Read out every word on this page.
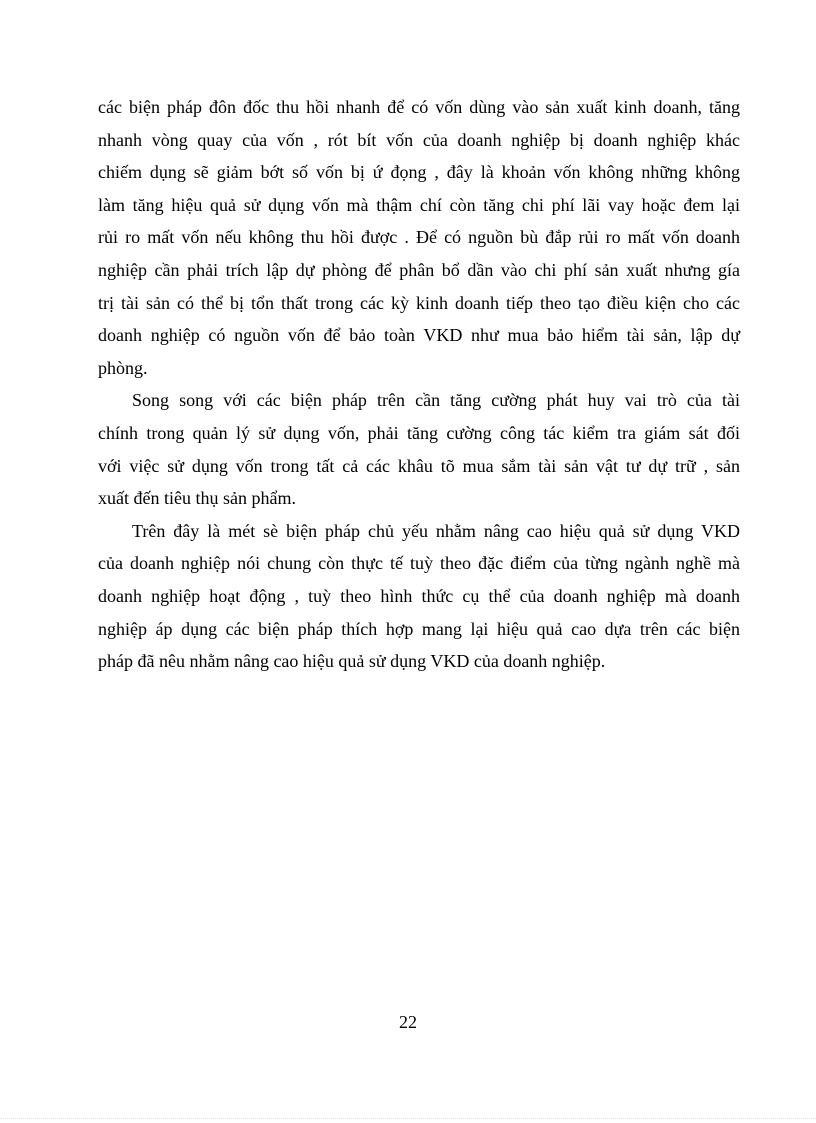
các biện pháp đôn đốc thu hồi nhanh để có vốn dùng vào sản xuất kinh doanh, tăng
nhanh vòng quay của vốn , rót bít vốn của doanh nghiệp bị doanh nghiệp khác
chiếm dụng sẽ giảm bớt số vốn bị ứ đọng , đây là khoản vốn không những không
làm tăng hiệu quả sử dụng vốn mà thậm chí còn tăng chi phí lãi vay hoặc đem lại
rủi ro mất vốn nếu không thu hồi được . Để có nguồn bù đắp rủi ro mất vốn doanh
nghiệp cần phải trích lập dự phòng để phân bổ dần vào chi phí sản xuất nhưng gía
trị tài sản có thể bị tổn thất trong các kỳ kinh doanh tiếp theo tạo điều kiện cho các
doanh nghiệp có nguồn vốn để bảo toàn VKD như mua bảo hiểm tài sản, lập dự
phòng.
Song song với các biện pháp trên cần tăng cường phát huy vai trò của tài
chính trong quản lý sử dụng vốn, phải tăng cường công tác kiểm tra giám sát đối
với việc sử dụng vốn trong tất cả các khâu tõ mua sắm tài sản vật tư dự trữ , sản
xuất đến tiêu thụ sản phẩm.
Trên đây là mét sè biện pháp chủ yếu nhằm nâng cao hiệu quả sử dụng VKD
của doanh nghiệp nói chung còn thực tế tuỳ theo đặc điểm của từng ngành nghề mà
doanh nghiệp hoạt động , tuỳ theo hình thức cụ thể của doanh nghiệp mà doanh
nghiệp áp dụng các biện pháp thích hợp mang lại hiệu quả cao dựa trên các biện
pháp đã nêu nhằm nâng cao hiệu quả sử dụng VKD của doanh nghiệp.
22
